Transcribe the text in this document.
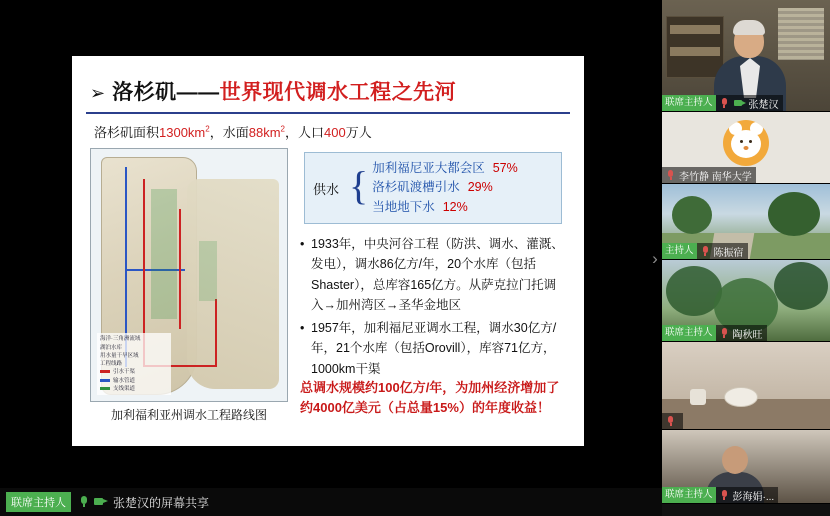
➢ 洛杉矶—— 世界现代调水工程之先河
洛杉矶面积$1300km^2$，水面$88km^2$，人口400万人
海洋·三角洲流域
湖泊水库
用水量干旱区域
工程线路
引水干渠
输水管道
支线渠道
加利福利亚州调水工程路线图
供水 { 加利福尼亚大都会区 57%
洛杉矶渡槽引水 29%
当地地下水 12%
• 1933年，中央河谷工程（防洪、调水、灌溉、发电），调水86亿方/年，20个水库（包括Shaster），总库容165亿方。从萨克拉门托调入→加州湾区→圣华金地区
• 1957年，加利福尼亚调水工程，调水30亿方/年，21个水库（包括Orovill），库容71亿方，1000km干渠
总调水规模约100亿方/年，为加州经济增加了约4000亿美元（占总量15%）的年度收益！
›
联席主持人	张楚汉
李竹静 南华大学
主持人	陈振宿
联席主持人	陶秋旺
联席主持人	彭海娟·...
联席主持人	张楚汉的屏幕共享
